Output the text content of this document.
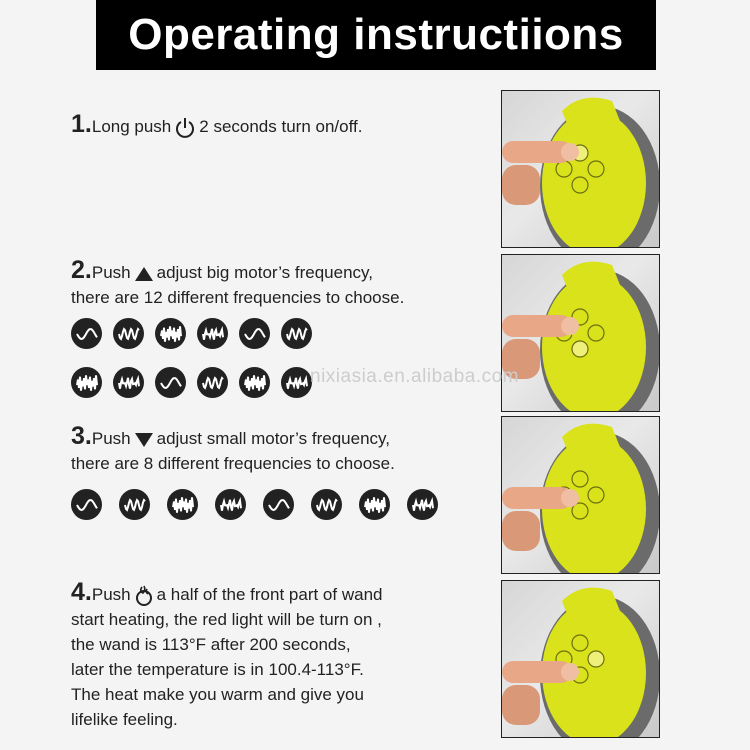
Operating instructiions
1.Long push 2 seconds turn on/off.
2.Push adjust big motor’s frequency,
there are 12 different frequencies to choose.
3.Push adjust small motor’s frequency,
there are 8 different frequencies to choose.
4.Push a half of the front part of wand
start heating, the red light will be turn on ,
the wand is 113°F after 200 seconds,
later the temperature is in 100.4-113°F.
The heat make you warm and give you
lifelike feeling.
nixiasia.en.alibaba.com
